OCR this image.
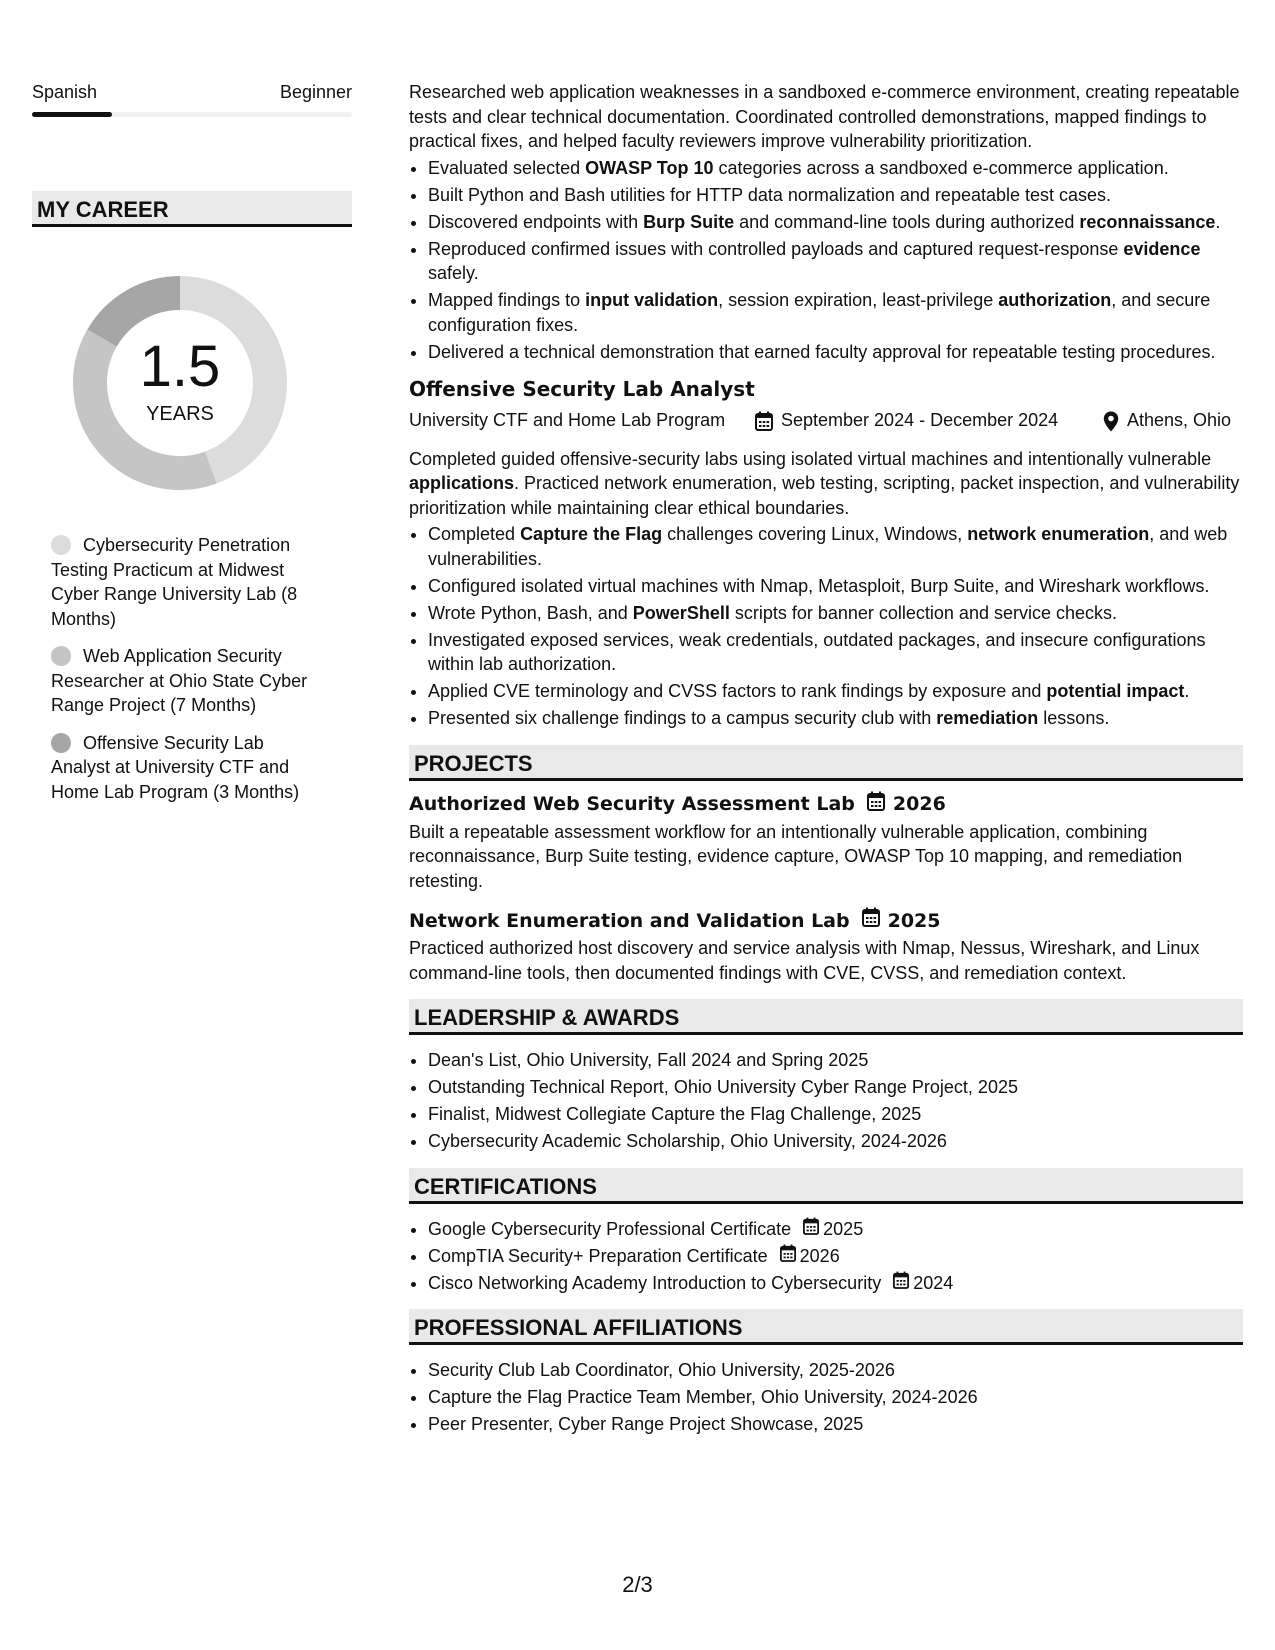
Spanish	Beginner
MY CAREER
1.5
YEARS
Cybersecurity Penetration Testing Practicum at Midwest Cyber Range University Lab (8 Months)
Web Application Security Researcher at Ohio State Cyber Range Project (7 Months)
Offensive Security Lab Analyst at University CTF and Home Lab Program (3 Months)

Researched web application weaknesses in a sandboxed e-commerce environment, creating repeatable tests and clear technical documentation. Coordinated controlled demonstrations, mapped findings to practical fixes, and helped faculty reviewers improve vulnerability prioritization.

• Evaluated selected OWASP Top 10 categories across a sandboxed e-commerce application.
• Built Python and Bash utilities for HTTP data normalization and repeatable test cases.
• Discovered endpoints with Burp Suite and command-line tools during authorized reconnaissance.
• Reproduced confirmed issues with controlled payloads and captured request-response evidence safely.
• Mapped findings to input validation, session expiration, least-privilege authorization, and secure configuration fixes.
• Delivered a technical demonstration that earned faculty approval for repeatable testing procedures.
Offensive Security Lab Analyst
University CTF and Home Lab Program	September 2024 - December 2024	Athens, Ohio

Completed guided offensive-security labs using isolated virtual machines and intentionally vulnerable applications. Practiced network enumeration, web testing, scripting, packet inspection, and vulnerability prioritization while maintaining clear ethical boundaries.

• Completed Capture the Flag challenges covering Linux, Windows, network enumeration, and web vulnerabilities.
• Configured isolated virtual machines with Nmap, Metasploit, Burp Suite, and Wireshark workflows.
• Wrote Python, Bash, and PowerShell scripts for banner collection and service checks.
• Investigated exposed services, weak credentials, outdated packages, and insecure configurations within lab authorization.
• Applied CVE terminology and CVSS factors to rank findings by exposure and potential impact.
• Presented six challenge findings to a campus security club with remediation lessons.
PROJECTS
Authorized Web Security Assessment Lab 2026

Built a repeatable assessment workflow for an intentionally vulnerable application, combining reconnaissance, Burp Suite testing, evidence capture, OWASP Top 10 mapping, and remediation retesting.

Network Enumeration and Validation Lab 2025

Practiced authorized host discovery and service analysis with Nmap, Nessus, Wireshark, and Linux command-line tools, then documented findings with CVE, CVSS, and remediation context.

LEADERSHIP & AWARDS
• Dean's List, Ohio University, Fall 2024 and Spring 2025
• Outstanding Technical Report, Ohio University Cyber Range Project, 2025
• Finalist, Midwest Collegiate Capture the Flag Challenge, 2025
• Cybersecurity Academic Scholarship, Ohio University, 2024-2026
CERTIFICATIONS
• Google Cybersecurity Professional Certificate 2025
• CompTIA Security+ Preparation Certificate 2026
• Cisco Networking Academy Introduction to Cybersecurity 2024
PROFESSIONAL AFFILIATIONS
• Security Club Lab Coordinator, Ohio University, 2025-2026
• Capture the Flag Practice Team Member, Ohio University, 2024-2026
• Peer Presenter, Cyber Range Project Showcase, 2025
2/3
